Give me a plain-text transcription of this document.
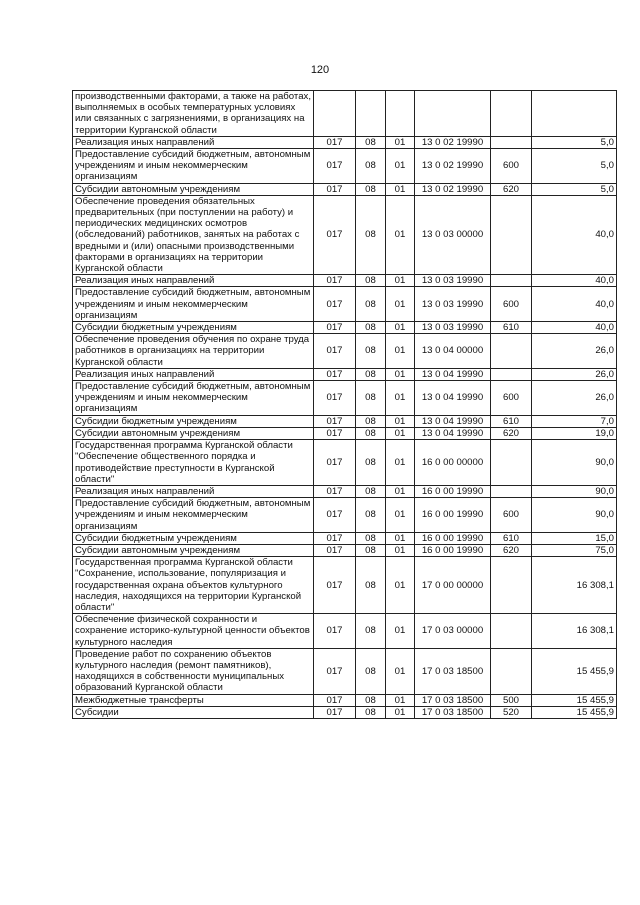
120
производственными факторами, а также на работах, выполняемых в особых температурных условиях или связанных с загрязнениями, в организациях на территории Курганской области						
Реализация иных направлений	017	08	01	13 0 02 19990		5,0
Предоставление субсидий бюджетным, автономным учреждениям и иным некоммерческим организациям	017	08	01	13 0 02 19990	600	5,0
Субсидии автономным учреждениям	017	08	01	13 0 02 19990	620	5,0
Обеспечение проведения обязательных предварительных (при поступлении на работу) и периодических медицинских осмотров (обследований) работников, занятых на работах с вредными и (или) опасными производственными факторами в организациях на территории Курганской области	017	08	01	13 0 03 00000		40,0
Реализация иных направлений	017	08	01	13 0 03 19990		40,0
Предоставление субсидий бюджетным, автономным учреждениям и иным некоммерческим организациям	017	08	01	13 0 03 19990	600	40,0
Субсидии бюджетным учреждениям	017	08	01	13 0 03 19990	610	40,0
Обеспечение проведения обучения по охране труда работников в организациях на территории Курганской области	017	08	01	13 0 04 00000		26,0
Реализация иных направлений	017	08	01	13 0 04 19990		26,0
Предоставление субсидий бюджетным, автономным учреждениям и иным некоммерческим организациям	017	08	01	13 0 04 19990	600	26,0
Субсидии бюджетным учреждениям	017	08	01	13 0 04 19990	610	7,0
Субсидии автономным учреждениям	017	08	01	13 0 04 19990	620	19,0
Государственная программа Курганской области "Обеспечение общественного порядка и противодействие преступности в Курганской области"	017	08	01	16 0 00 00000		90,0
Реализация иных направлений	017	08	01	16 0 00 19990		90,0
Предоставление субсидий бюджетным, автономным учреждениям и иным некоммерческим организациям	017	08	01	16 0 00 19990	600	90,0
Субсидии бюджетным учреждениям	017	08	01	16 0 00 19990	610	15,0
Субсидии автономным учреждениям	017	08	01	16 0 00 19990	620	75,0
Государственная программа Курганской области "Сохранение, использование, популяризация и государственная охрана объектов культурного наследия, находящихся на территории Курганской области"	017	08	01	17 0 00 00000		16 308,1
Обеспечение физической сохранности и сохранение историко-культурной ценности объектов культурного наследия	017	08	01	17 0 03 00000		16 308,1
Проведение работ по сохранению объектов культурного наследия (ремонт памятников), находящихся в собственности муниципальных образований Курганской области	017	08	01	17 0 03 18500		15 455,9
Межбюджетные трансферты	017	08	01	17 0 03 18500	500	15 455,9
Субсидии	017	08	01	17 0 03 18500	520	15 455,9
